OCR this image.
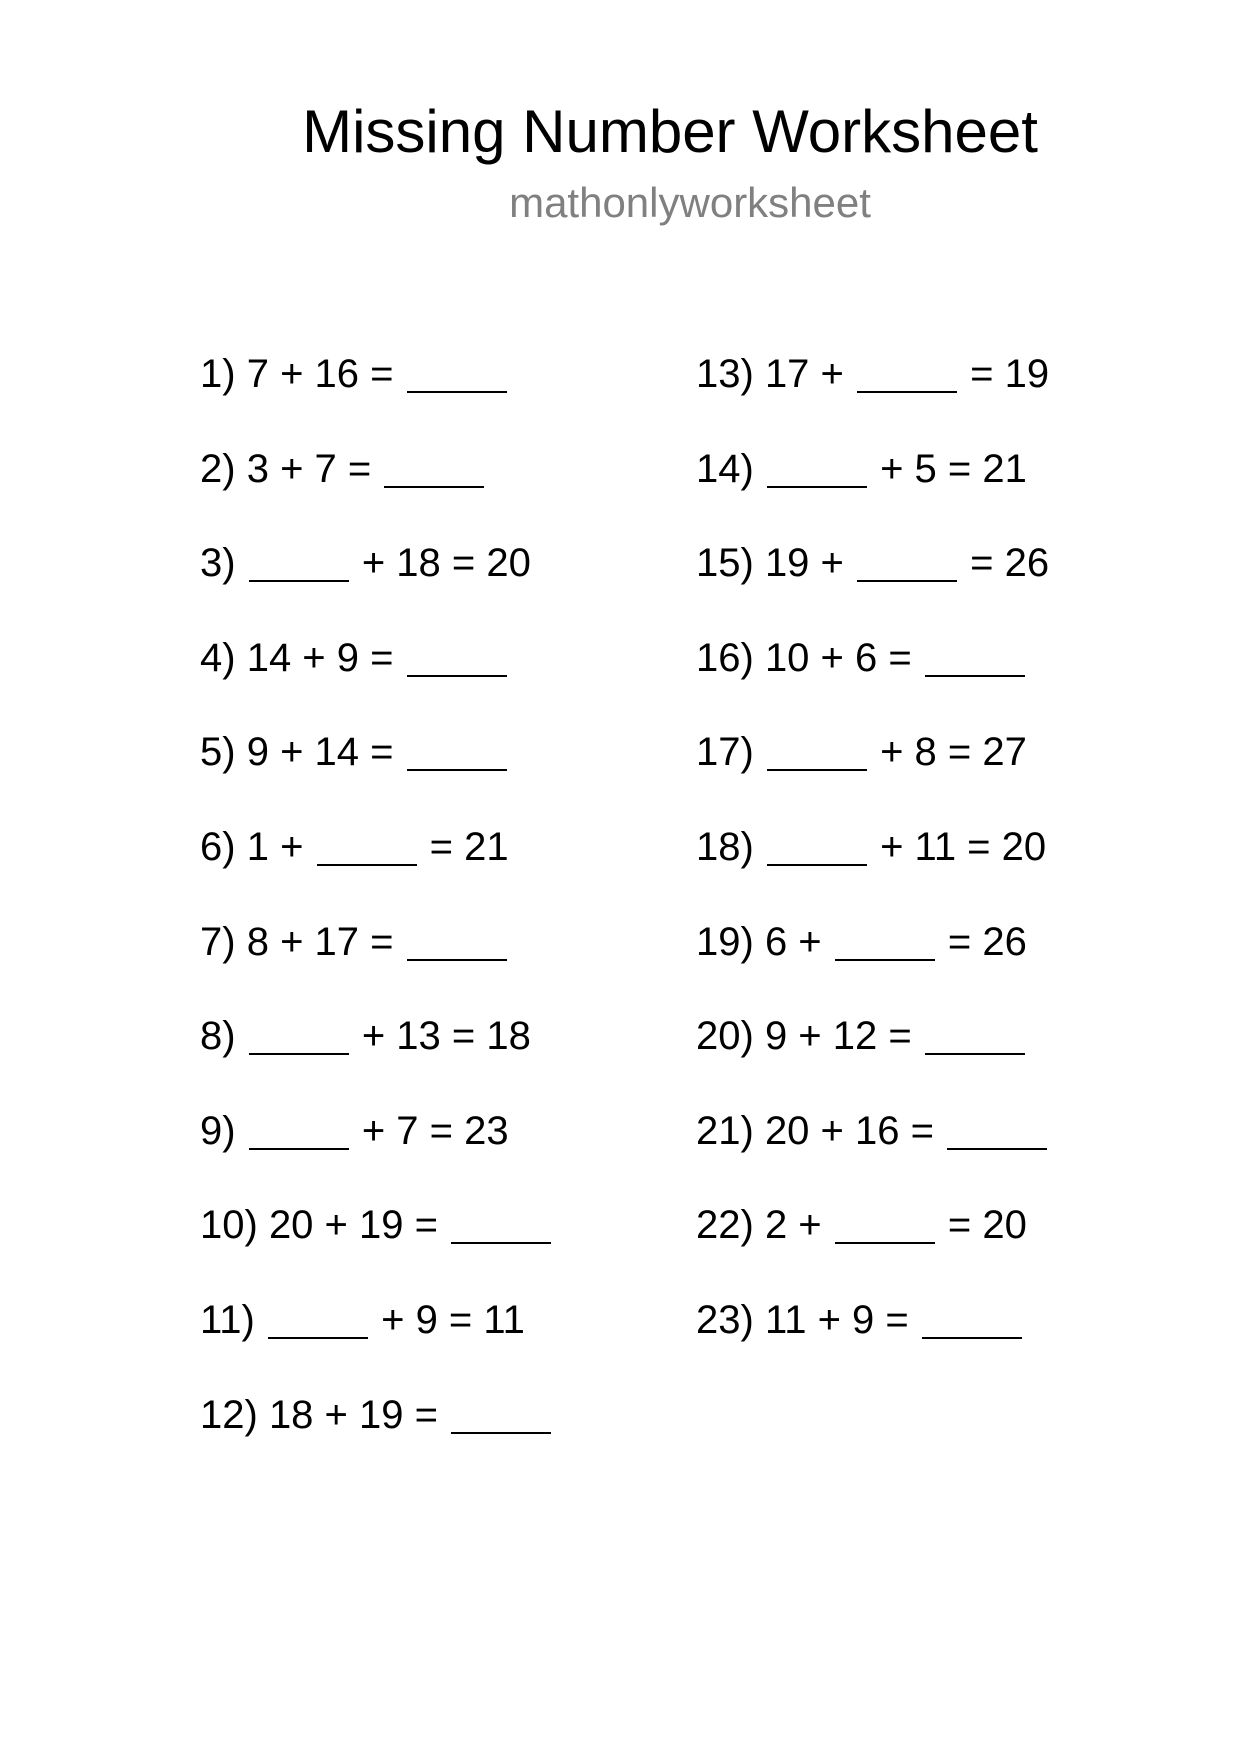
Missing Number Worksheet
mathonlyworksheet
1) 7 + 16 =
2) 3 + 7 =
3)	+ 18 = 20
4) 14 + 9 =
5) 9 + 14 =
6) 1 +	= 21
7) 8 + 17 =
8)	+ 13 = 18
9)	+ 7 = 23
10) 20 + 19 =
11)	+ 9 = 11
12) 18 + 19 =
13) 17 +	= 19
14)	+ 5 = 21
15) 19 +	= 26
16) 10 + 6 =
17)	+ 8 = 27
18)	+ 11 = 20
19) 6 +	= 26
20) 9 + 12 =
21) 20 + 16 =
22) 2 +	= 20
23) 11 + 9 =
